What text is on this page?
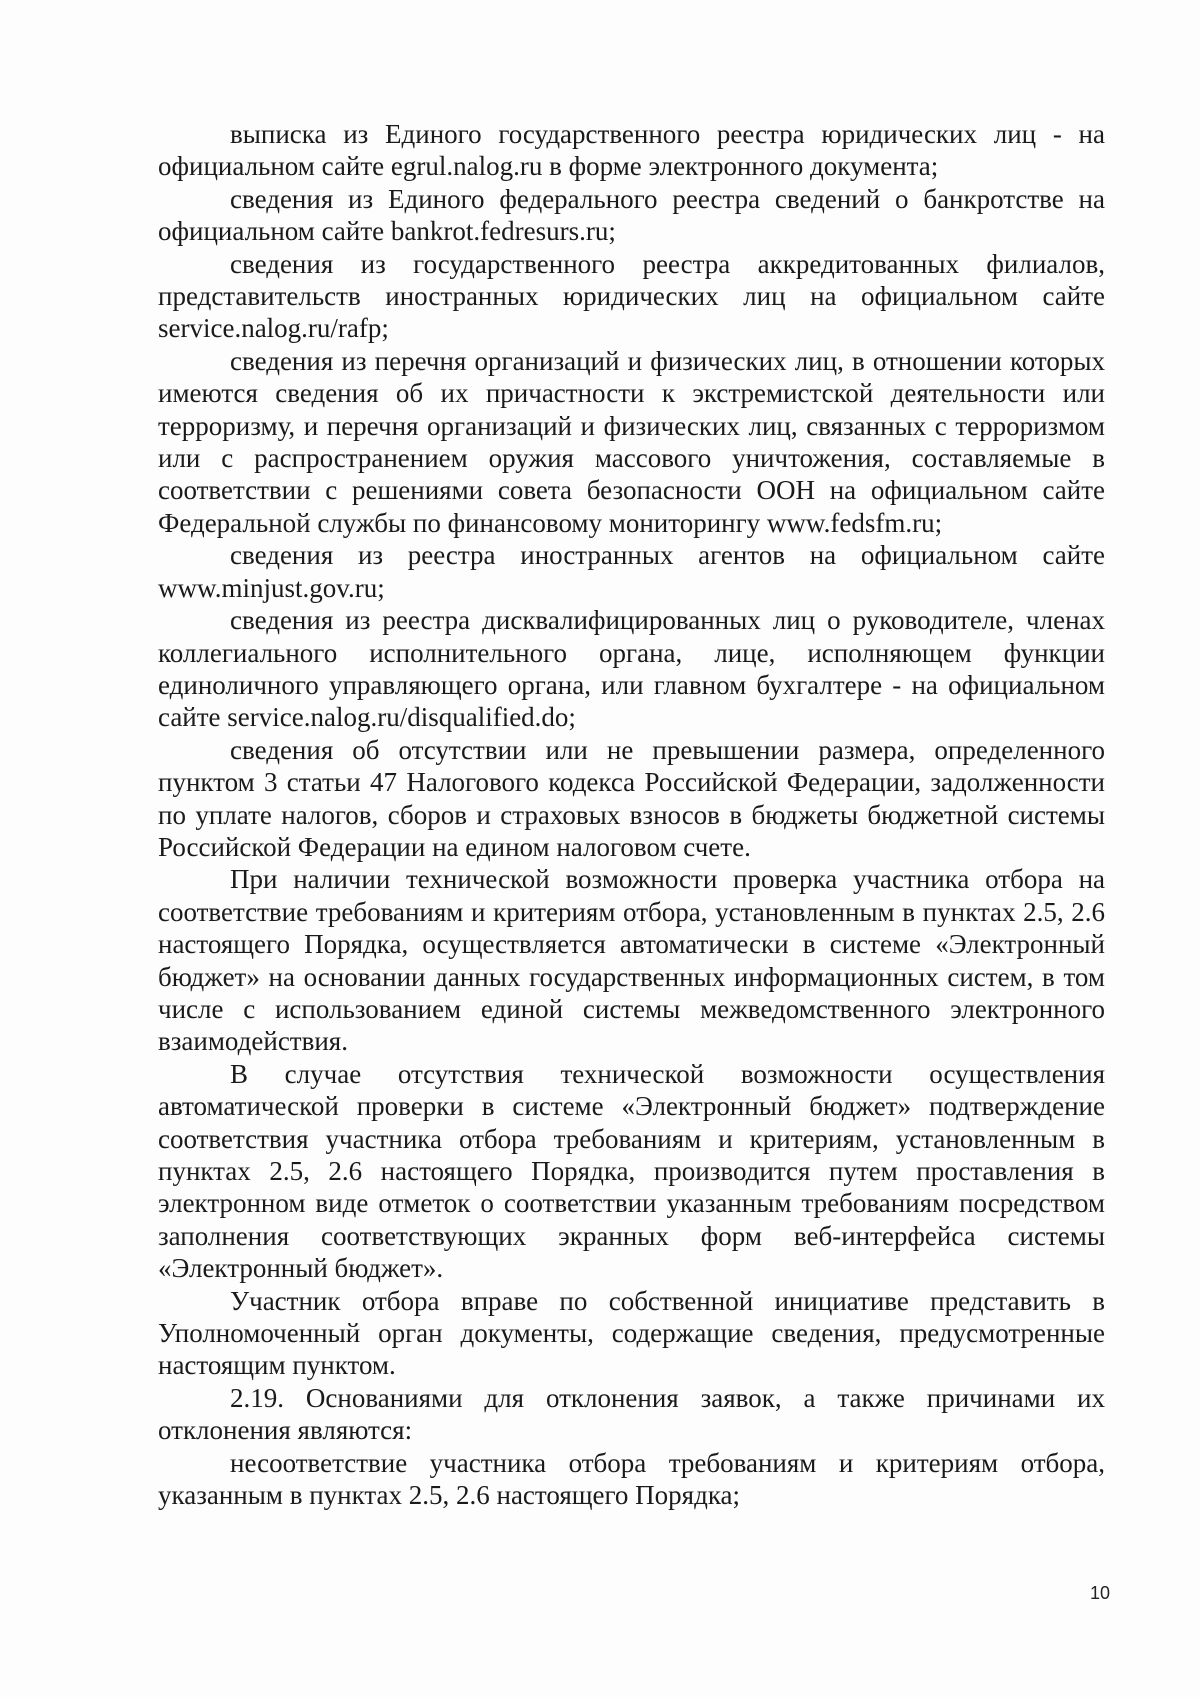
выписка из Единого государственного реестра юридических лиц - на официальном сайте egrul.nalog.ru в форме электронного документа;

сведения из Единого федерального реестра сведений о банкротстве на официальном сайте bankrot.fedresurs.ru;

сведения из государственного реестра аккредитованных филиалов, представительств иностранных юридических лиц на официальном сайте service.nalog.ru/rafp;

сведения из перечня организаций и физических лиц, в отношении которых имеются сведения об их причастности к экстремистской деятельности или терроризму, и перечня организаций и физических лиц, связанных с терроризмом или с распространением оружия массового уничтожения, составляемые в соответствии с решениями совета безопасности ООН на официальном сайте Федеральной службы по финансовому мониторингу www.fedsfm.ru;

сведения из реестра иностранных агентов на официальном сайте www.minjust.gov.ru;

сведения из реестра дисквалифицированных лиц о руководителе, членах коллегиального исполнительного органа, лице, исполняющем функции единоличного управляющего органа, или главном бухгалтере - на официальном сайте service.nalog.ru/disqualified.do;

сведения об отсутствии или не превышении размера, определенного пунктом 3 статьи 47 Налогового кодекса Российской Федерации, задолженности по уплате налогов, сборов и страховых взносов в бюджеты бюджетной системы Российской Федерации на едином налоговом счете.

При наличии технической возможности проверка участника отбора на соответствие требованиям и критериям отбора, установленным в пунктах 2.5, 2.6 настоящего Порядка, осуществляется автоматически в системе «Электронный бюджет» на основании данных государственных информационных систем, в том числе с использованием единой системы межведомственного электронного взаимодействия.

В случае отсутствия технической возможности осуществления автоматической проверки в системе «Электронный бюджет» подтверждение соответствия участника отбора требованиям и критериям, установленным в пунктах 2.5, 2.6 настоящего Порядка, производится путем проставления в электронном виде отметок о соответствии указанным требованиям посредством заполнения соответствующих экранных форм веб-интерфейса системы «Электронный бюджет».

Участник отбора вправе по собственной инициативе представить в Уполномоченный орган документы, содержащие сведения, предусмотренные настоящим пунктом.

2.19. Основаниями для отклонения заявок, а также причинами их отклонения являются:

несоответствие участника отбора требованиям и критериям отбора, указанным в пунктах 2.5, 2.6 настоящего Порядка;

10
